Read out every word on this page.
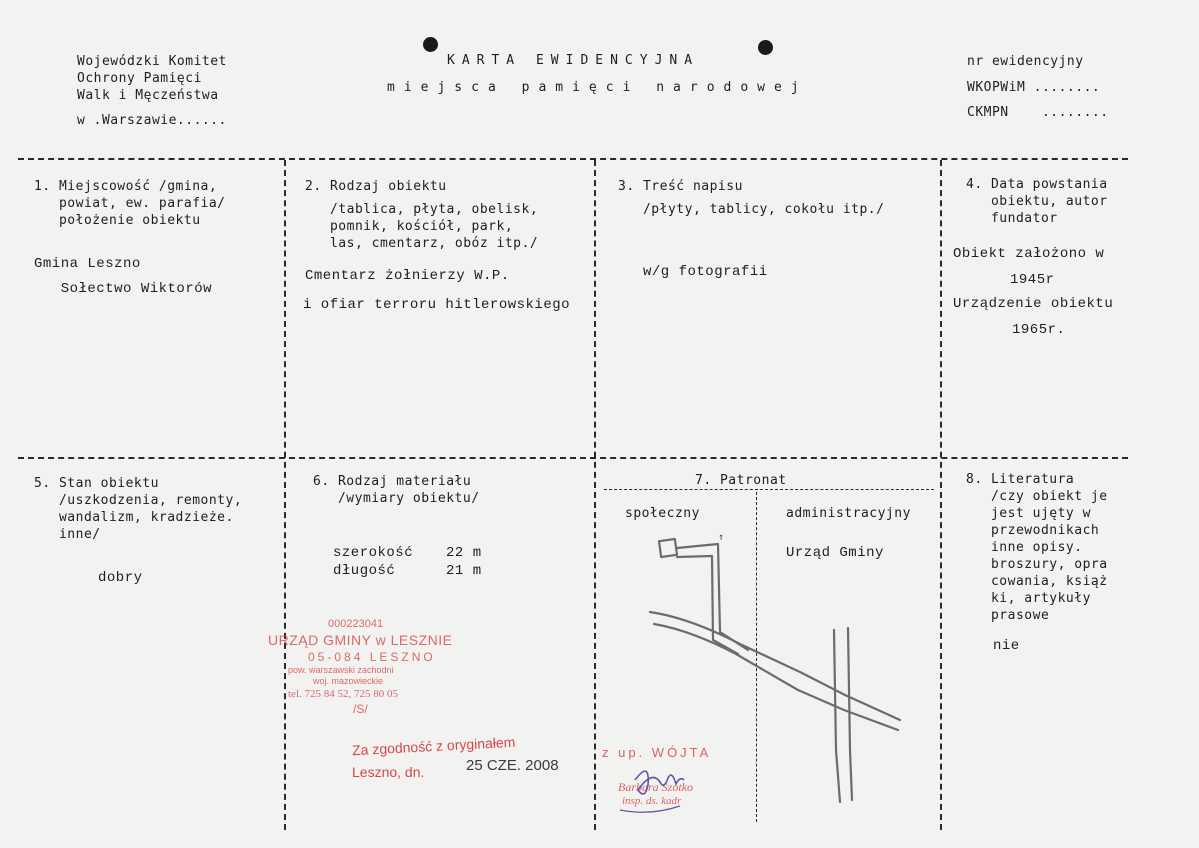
Wojewódzki Komitet
Ochrony Pamięci
Walk i Męczeństwa
w .Warszawie......
KARTA EWIDENCYJNA
miejsca pamięci narodowej
nr ewidencyjny
WKOPWiM ........
CKMPN    ........
1. Miejscowość /gmina,
powiat, ew. parafia/
położenie obiektu
Gmina Leszno
Sołectwo Wiktorów
2. Rodzaj obiektu
/tablica, płyta, obelisk,
pomnik, kościół, park,
las, cmentarz, obóz itp./
Cmentarz żołnierzy W.P.
i ofiar terroru hitlerowskiego
3. Treść napisu
/płyty, tablicy, cokołu itp./
w/g fotografii
4. Data powstania
obiektu, autor
fundator
Obiekt założono w
1945r
Urządzenie obiektu
1965r.
5. Stan obiektu
/uszkodzenia, remonty,
wandalizm, kradzieże.
inne/
dobry
6. Rodzaj materiału
/wymiary obiektu/
szerokość 22 m
długość	21 m
7. Patronat
społeczny	administracyjny
Urząd Gminy
↑
8. Literatura
/czy obiekt je
jest ujęty w
przewodnikach
inne opisy.
broszury, opra
cowania, książ
ki, artykuły
prasowe
nie
000223041
URZĄD GMINY w LESZNIE
05-084 LESZNO
pow. warszawski zachodni
woj. mazowieckie
tel. 725 84 52, 725 80 05
/S/
Za zgodność z oryginałem
Leszno, dn.	25 CZE. 2008
z up. WÓJTA
Barbara Szotko
insp. ds. kadr
